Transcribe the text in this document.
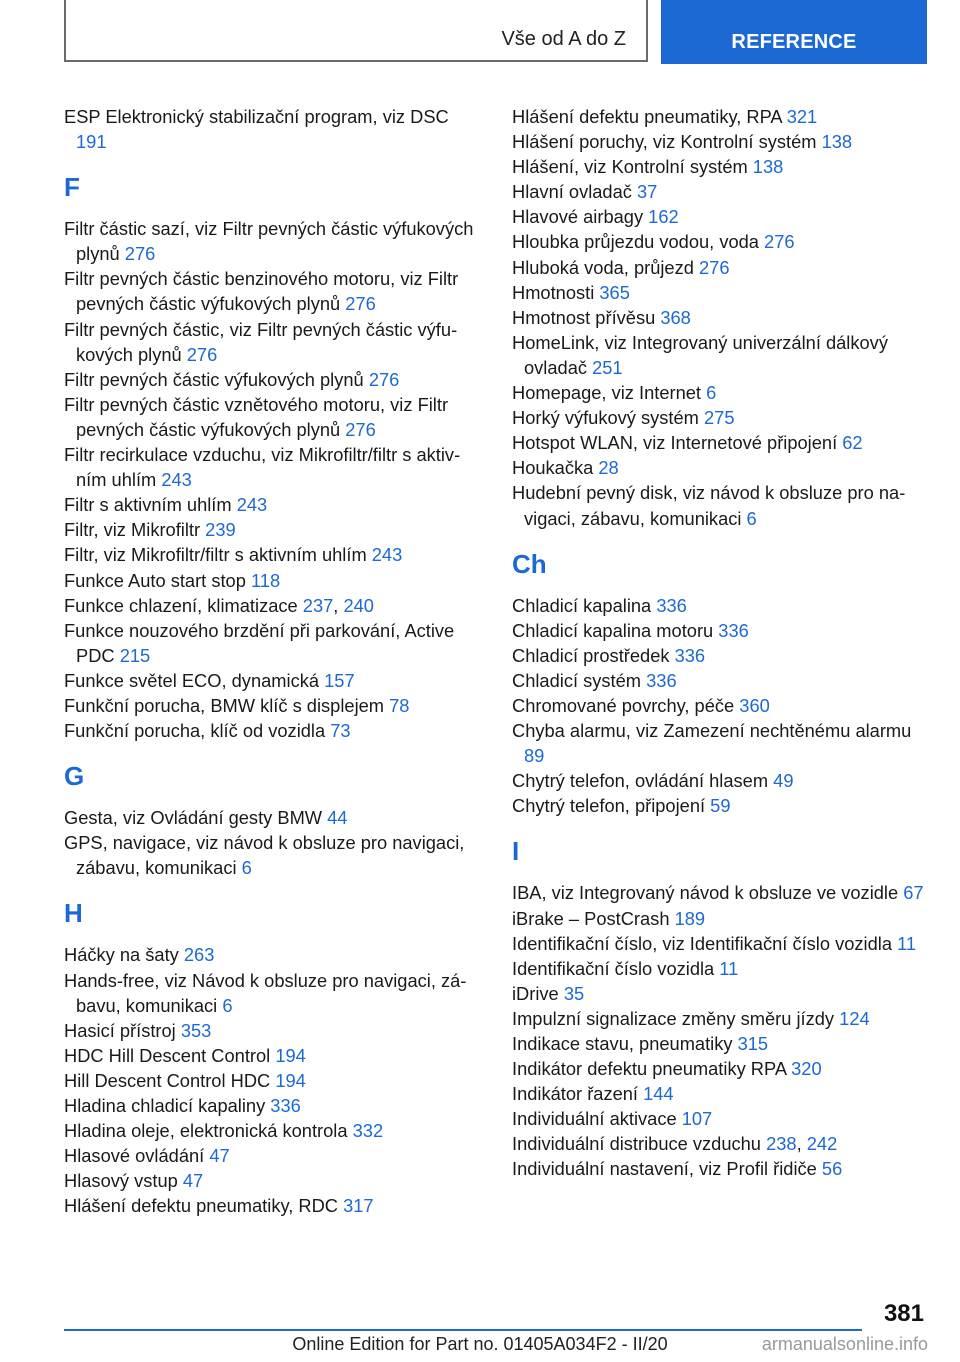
Vše od A do Z	REFERENCE
ESP Elektronický stabilizační program, viz DSC 191
F
Filtr částic sazí, viz Filtr pevných částic výfukových plynů 276
Filtr pevných částic benzinového motoru, viz Filtr pevných částic výfukových plynů 276
Filtr pevných částic, viz Filtr pevných částic výfukových plynů 276
Filtr pevných částic výfukových plynů 276
Filtr pevných částic vznětového motoru, viz Filtr pevných částic výfukových plynů 276
Filtr recirkulace vzduchu, viz Mikrofiltr/filtr s aktivním uhlím 243
Filtr s aktivním uhlím 243
Filtr, viz Mikrofiltr 239
Filtr, viz Mikrofiltr/filtr s aktivním uhlím 243
Funkce Auto start stop 118
Funkce chlazení, klimatizace 237, 240
Funkce nouzového brzdění při parkování, Active PDC 215
Funkce světel ECO, dynamická 157
Funkční porucha, BMW klíč s displejem 78
Funkční porucha, klíč od vozidla 73
G
Gesta, viz Ovládání gesty BMW 44
GPS, navigace, viz návod k obsluze pro navigaci, zábavu, komunikaci 6
H
Háčky na šaty 263
Hands-free, viz Návod k obsluze pro navigaci, zábavu, komunikaci 6
Hasicí přístroj 353
HDC Hill Descent Control 194
Hill Descent Control HDC 194
Hladina chladicí kapaliny 336
Hladina oleje, elektronická kontrola 332
Hlasové ovládání 47
Hlasový vstup 47
Hlášení defektu pneumatiky, RDC 317
Hlášení defektu pneumatiky, RPA 321
Hlášení poruchy, viz Kontrolní systém 138
Hlášení, viz Kontrolní systém 138
Hlavní ovladač 37
Hlavové airbagy 162
Hloubka průjezdu vodou, voda 276
Hluboká voda, průjezd 276
Hmotnosti 365
Hmotnost přívěsu 368
HomeLink, viz Integrovaný univerzální dálkový ovladač 251
Homepage, viz Internet 6
Horký výfukový systém 275
Hotspot WLAN, viz Internetové připojení 62
Houkačka 28
Hudební pevný disk, viz návod k obsluze pro navigaci, zábavu, komunikaci 6
Ch
Chladicí kapalina 336
Chladicí kapalina motoru 336
Chladicí prostředek 336
Chladicí systém 336
Chromované povrchy, péče 360
Chyba alarmu, viz Zamezení nechtěnému alarmu 89
Chytrý telefon, ovládání hlasem 49
Chytrý telefon, připojení 59
I
IBA, viz Integrovaný návod k obsluze ve vozidle 67
iBrake – PostCrash 189
Identifikační číslo, viz Identifikační číslo vozidla 11
Identifikační číslo vozidla 11
iDrive 35
Impulzní signalizace změny směru jízdy 124
Indikace stavu, pneumatiky 315
Indikátor defektu pneumatiky RPA 320
Indikátor řazení 144
Individuální aktivace 107
Individuální distribuce vzduchu 238, 242
Individuální nastavení, viz Profil řidiče 56
381
Online Edition for Part no. 01405A034F2 - II/20	armanualsonline.info
